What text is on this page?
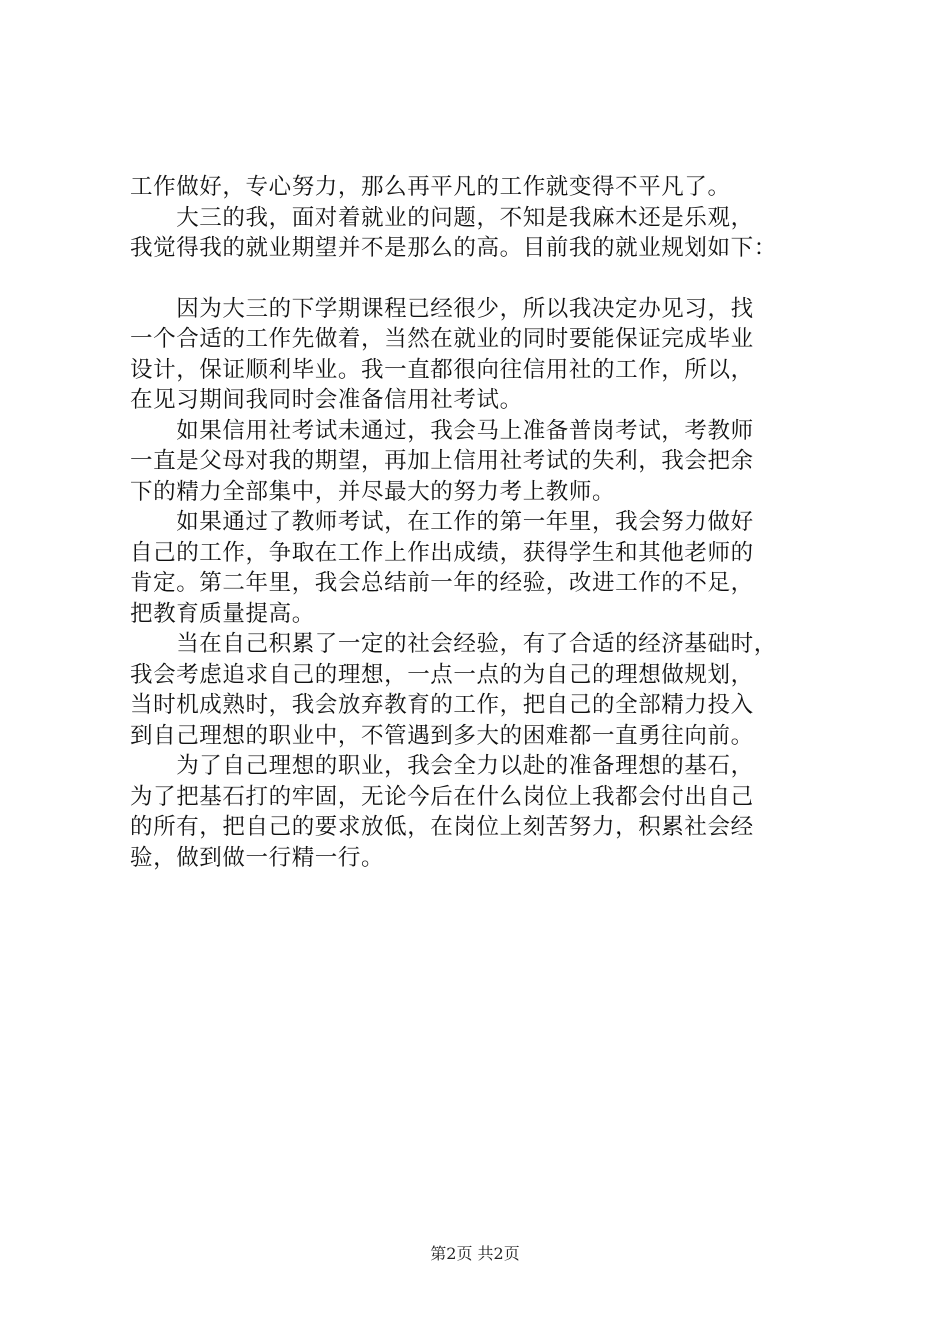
工作做好，专心努力，那么再平凡的工作就变得不平凡了。

　　大三的我，面对着就业的问题，不知是我麻木还是乐观，
我觉得我的就业期望并不是那么的高。目前我的就业规划如下：

　　因为大三的下学期课程已经很少，所以我决定办见习，找
一个合适的工作先做着，当然在就业的同时要能保证完成毕业
设计，保证顺利毕业。我一直都很向往信用社的工作，所以，
在见习期间我同时会准备信用社考试。

　　如果信用社考试未通过，我会马上准备普岗考试，考教师
一直是父母对我的期望，再加上信用社考试的失利，我会把余
下的精力全部集中，并尽最大的努力考上教师。

　　如果通过了教师考试，在工作的第一年里，我会努力做好
自己的工作，争取在工作上作出成绩，获得学生和其他老师的
肯定。第二年里，我会总结前一年的经验，改进工作的不足，
把教育质量提高。

　　当在自己积累了一定的社会经验，有了合适的经济基础时，
我会考虑追求自己的理想，一点一点的为自己的理想做规划，
当时机成熟时，我会放弃教育的工作，把自己的全部精力投入
到自己理想的职业中，不管遇到多大的困难都一直勇往向前。

　　为了自己理想的职业，我会全力以赴的准备理想的基石，
为了把基石打的牢固，无论今后在什么岗位上我都会付出自己
的所有，把自己的要求放低，在岗位上刻苦努力，积累社会经
验，做到做一行精一行。

第2页 共2页
